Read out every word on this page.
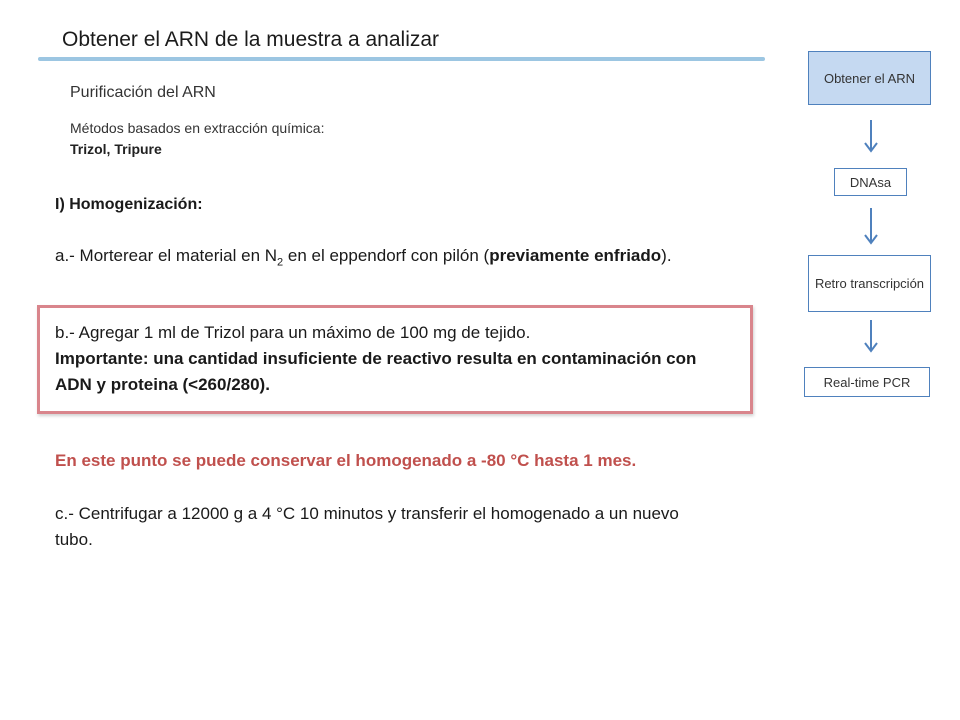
Obtener el ARN de la muestra a analizar
Purificación del ARN
Métodos basados en extracción química:
Trizol, Tripure
I) Homogenización:
a.- Morterear el material en $N_2$ en el eppendorf con pilón (previamente enfriado).
b.- Agregar 1 ml de Trizol para un máximo de 100 mg de tejido.
Importante: una cantidad insuficiente de reactivo resulta en contaminación con ADN y proteina (<260/280).
En este punto se puede conservar el homogenado a -80 °C hasta 1 mes.
c.- Centrifugar a 12000 g a 4 °C 10 minutos y transferir el homogenado a un nuevo tubo.
Obtener el ARN
DNAsa
Retro transcripción
Real-time PCR
